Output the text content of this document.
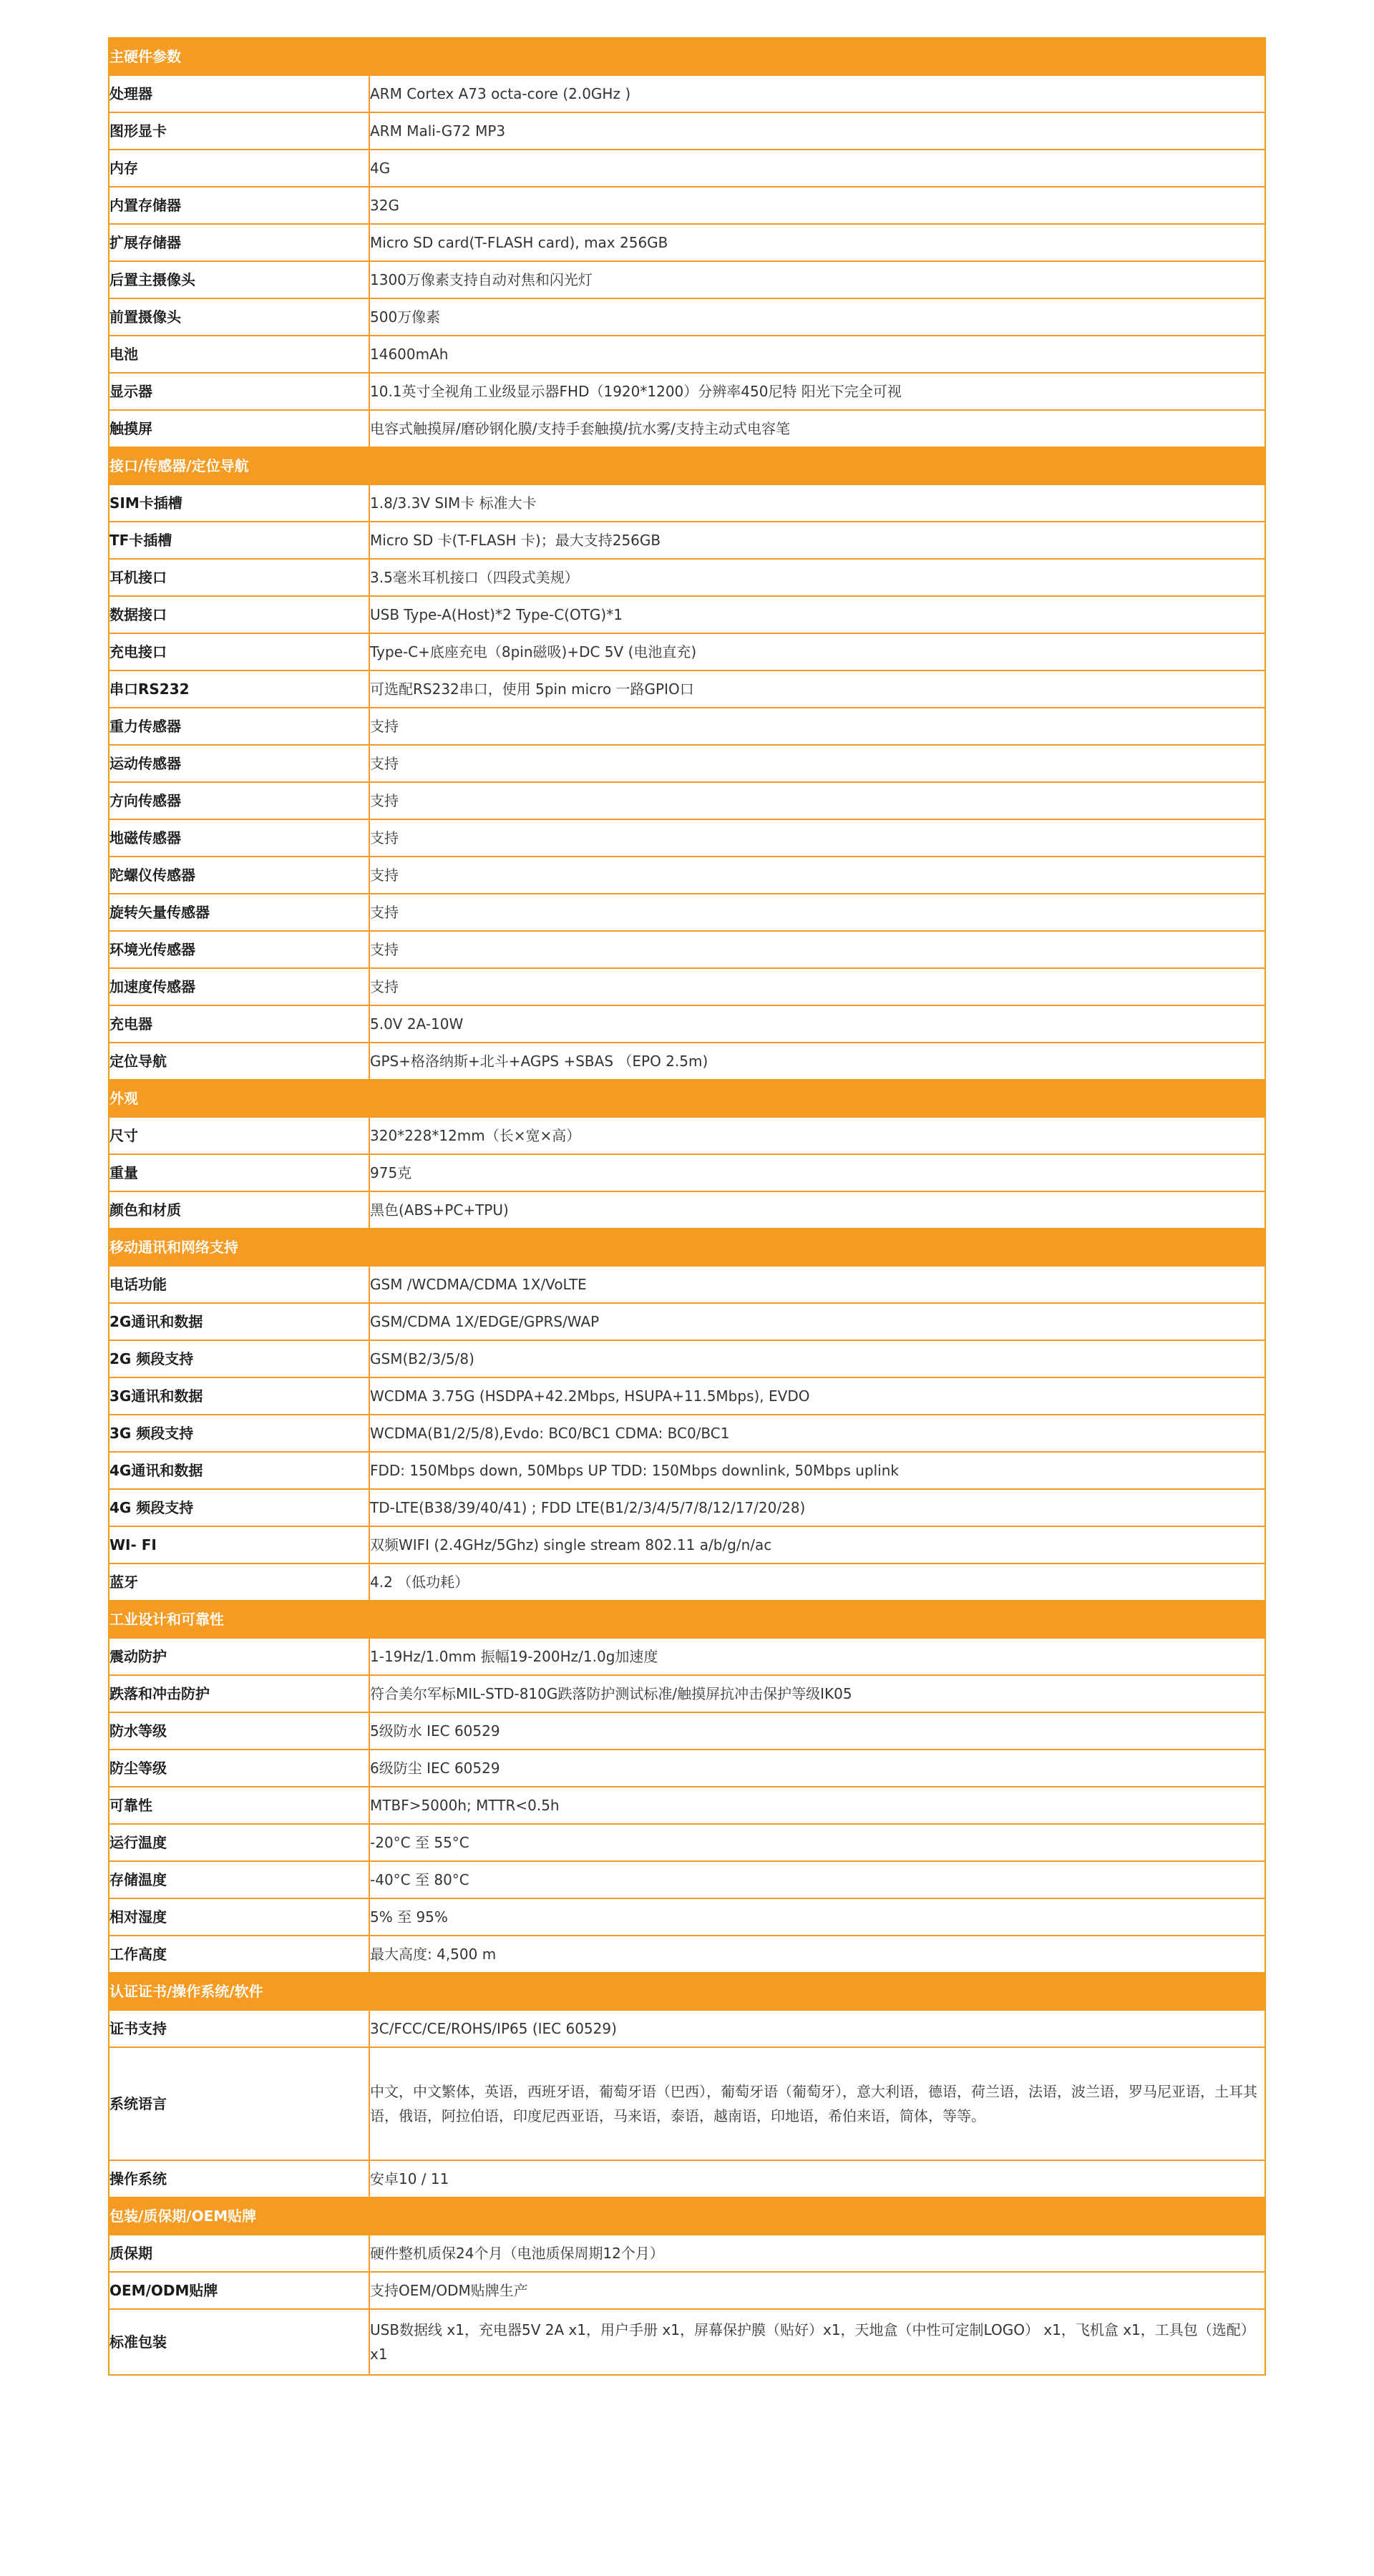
主硬件参数	
处理器	ARM Cortex A73 octa-core (2.0GHz )
图形显卡	ARM Mali-G72 MP3
内存	4G
内置存储器	32G
扩展存储器	Micro SD card(T-FLASH card), max 256GB
后置主摄像头	1300万像素支持自动对焦和闪光灯
前置摄像头	500万像素
电池	14600mAh
显示器	10.1英寸全视角工业级显示器FHD（1920*1200）分辨率450尼特 阳光下完全可视
触摸屏	电容式触摸屏/磨砂钢化膜/支持手套触摸/抗水雾/支持主动式电容笔
接口/传感器/定位导航	
SIM卡插槽	1.8/3.3V SIM卡 标准大卡
TF卡插槽	Micro SD 卡(T-FLASH 卡)；最大支持256GB
耳机接口	3.5毫米耳机接口（四段式美规）
数据接口	USB Type-A(Host)*2 Type-C(OTG)*1
充电接口	Type-C+底座充电（8pin磁吸)+DC 5V (电池直充)
串口RS232	可选配RS232串口，使用 5pin micro 一路GPIO口
重力传感器	支持
运动传感器	支持
方向传感器	支持
地磁传感器	支持
陀螺仪传感器	支持
旋转矢量传感器	支持
环境光传感器	支持
加速度传感器	支持
充电器	5.0V 2A-10W
定位导航	GPS+格洛纳斯+北斗+AGPS +SBAS （EPO 2.5m)
外观	
尺寸	320*228*12mm（长×宽×高）
重量	975克
颜色和材质	黑色(ABS+PC+TPU)
移动通讯和网络支持	
电话功能	GSM /WCDMA/CDMA 1X/VoLTE
2G通讯和数据	GSM/CDMA 1X/EDGE/GPRS/WAP
2G 频段支持	GSM(B2/3/5/8)
3G通讯和数据	WCDMA 3.75G (HSDPA+42.2Mbps, HSUPA+11.5Mbps), EVDO
3G 频段支持	WCDMA(B1/2/5/8),Evdo: BC0/BC1 CDMA: BC0/BC1
4G通讯和数据	FDD: 150Mbps down, 50Mbps UP TDD: 150Mbps downlink, 50Mbps uplink
4G 频段支持	TD-LTE(B38/39/40/41) ; FDD LTE(B1/2/3/4/5/7/8/12/17/20/28)
WI- FI	双频WIFI (2.4GHz/5Ghz) single stream 802.11 a/b/g/n/ac
蓝牙	4.2 （低功耗）
工业设计和可靠性	
震动防护	1-19Hz/1.0mm 振幅19-200Hz/1.0g加速度
跌落和冲击防护	符合美尔军标MIL-STD-810G跌落防护测试标准/触摸屏抗冲击保护等级IK05
防水等级	5级防水 IEC 60529
防尘等级	6级防尘 IEC 60529
可靠性	MTBF>5000h; MTTR<0.5h
运行温度	-20°C 至 55°C
存储温度	-40°C 至 80°C
相对湿度	5% 至 95%
工作高度	最大高度: 4,500 m
认证证书/操作系统/软件	
证书支持	3C/FCC/CE/ROHS/IP65 (IEC 60529)
系统语言	中文，中文繁体，英语，西班牙语，葡萄牙语（巴西），葡萄牙语（葡萄牙），意大利语，德语，荷兰语，法语，波兰语，罗马尼亚语，土耳其语，俄语，阿拉伯语，印度尼西亚语，马来语，泰语，越南语，印地语，希伯来语，简体，等等。
操作系统	安卓10 / 11
包装/质保期/OEM贴牌	
质保期	硬件整机质保24个月（电池质保周期12个月）
OEM/ODM贴牌	支持OEM/ODM贴牌生产
标准包装	USB数据线 x1，充电器5V 2A x1，用户手册 x1，屏幕保护膜（贴好）x1，天地盒（中性可定制LOGO） x1，飞机盒 x1，工具包（选配）x1
